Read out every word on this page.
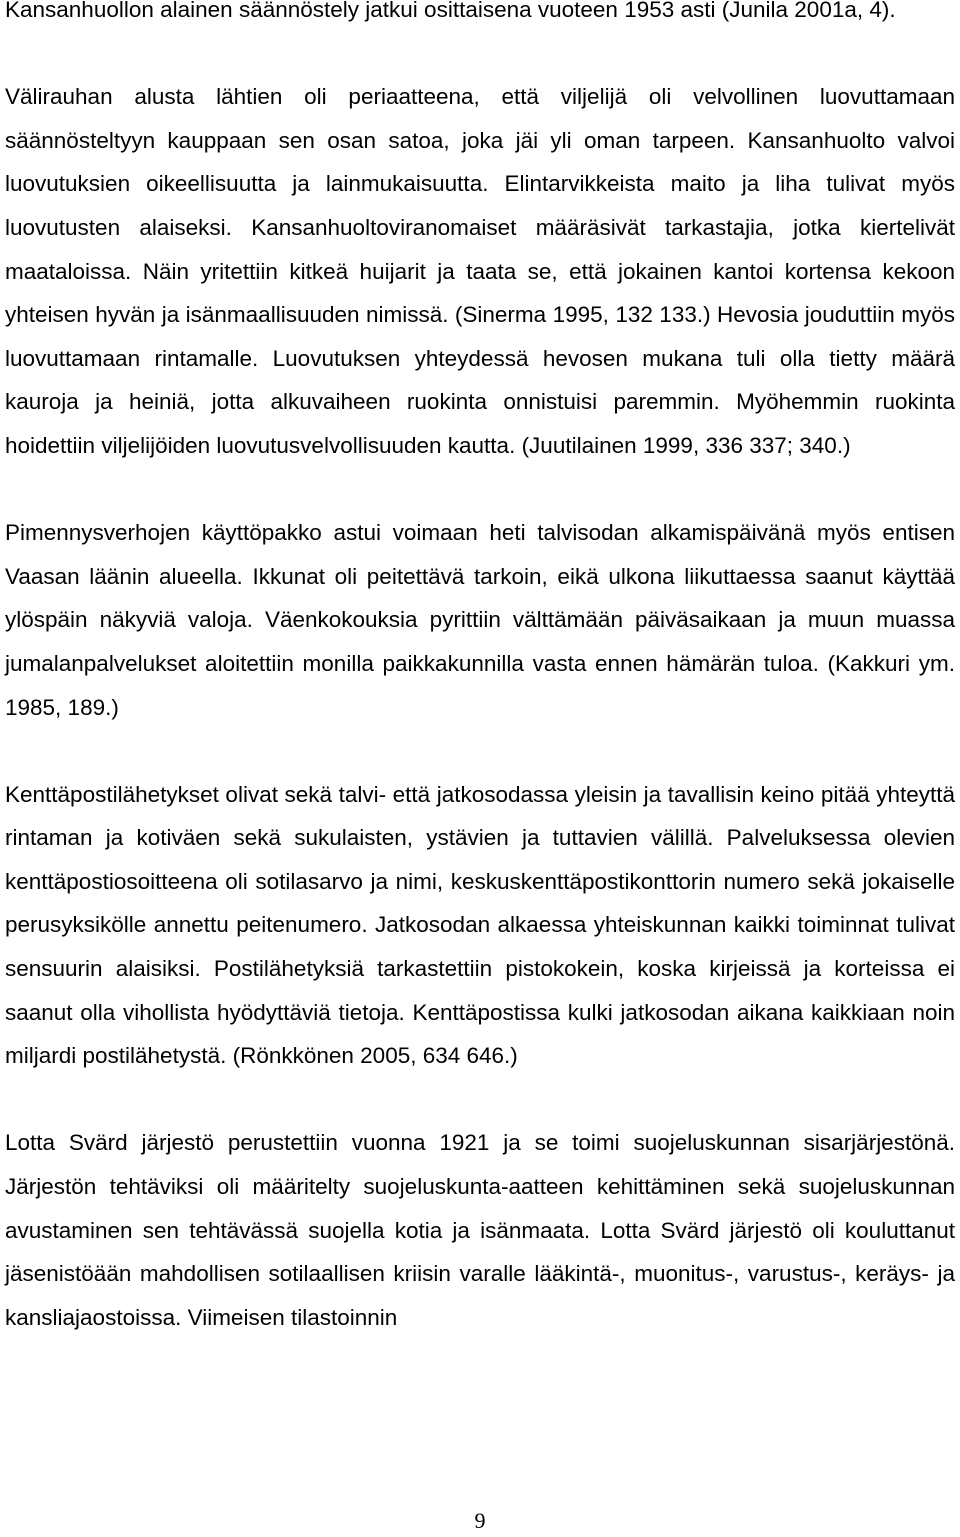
Kansanhuollon alainen säännöstely jatkui osittaisena vuoteen 1953 asti (Junila 2001a, 4).

Välirauhan alusta lähtien oli periaatteena, että viljelijä oli velvollinen luovuttamaan säännösteltyyn kauppaan sen osan satoa, joka jäi yli oman tarpeen. Kansanhuolto valvoi luovutuksien oikeellisuutta ja lainmukaisuutta. Elintarvikkeista maito ja liha tulivat myös luovutusten alaiseksi. Kansanhuoltoviranomaiset määräsivät tarkastajia, jotka kiertelivät maataloissa. Näin yritettiin kitkeä huijarit ja taata se, että jokainen kantoi kortensa kekoon yhteisen hyvän ja isänmaallisuuden nimissä. (Sinerma 1995, 132 133.) Hevosia jouduttiin myös luovuttamaan rintamalle. Luovutuksen yhteydessä hevosen mukana tuli olla tietty määrä kauroja ja heiniä, jotta alkuvaiheen ruokinta onnistuisi paremmin. Myöhemmin ruokinta hoidettiin viljelijöiden luovutusvelvollisuuden kautta. (Juutilainen 1999, 336 337; 340.)

Pimennysverhojen käyttöpakko astui voimaan heti talvisodan alkamispäivänä myös entisen Vaasan läänin alueella. Ikkunat oli peitettävä tarkoin, eikä ulkona liikuttaessa saanut käyttää ylöspäin näkyviä valoja. Väenkokouksia pyrittiin välttämään päiväsaikaan ja muun muassa jumalanpalvelukset aloitettiin monilla paikkakunnilla vasta ennen hämärän tuloa. (Kakkuri ym. 1985, 189.)

Kenttäpostilähetykset olivat sekä talvi- että jatkosodassa yleisin ja tavallisin keino pitää yhteyttä rintaman ja kotiväen sekä sukulaisten, ystävien ja tuttavien välillä. Palveluksessa olevien kenttäpostiosoitteena oli sotilasarvo ja nimi, keskuskenttäpostikonttorin numero sekä jokaiselle perusyksikölle annettu peitenumero. Jatkosodan alkaessa yhteiskunnan kaikki toiminnat tulivat sensuurin alaisiksi. Postilähetyksiä tarkastettiin pistokokein, koska kirjeissä ja korteissa ei saanut olla vihollista hyödyttäviä tietoja. Kenttäpostissa kulki jatkosodan aikana kaikkiaan noin miljardi postilähetystä. (Rönkkönen 2005, 634 646.)

Lotta Svärd järjestö perustettiin vuonna 1921 ja se toimi suojeluskunnan sisarjärjestönä. Järjestön tehtäviksi oli määritelty suojeluskunta-aatteen kehittäminen sekä suojeluskunnan avustaminen sen tehtävässä suojella kotia ja isänmaata. Lotta Svärd järjestö oli kouluttanut jäsenistöään mahdollisen sotilaallisen kriisin varalle lääkintä-, muonitus-, varustus-, keräys- ja kansliajaostoissa. Viimeisen tilastoinnin

9
